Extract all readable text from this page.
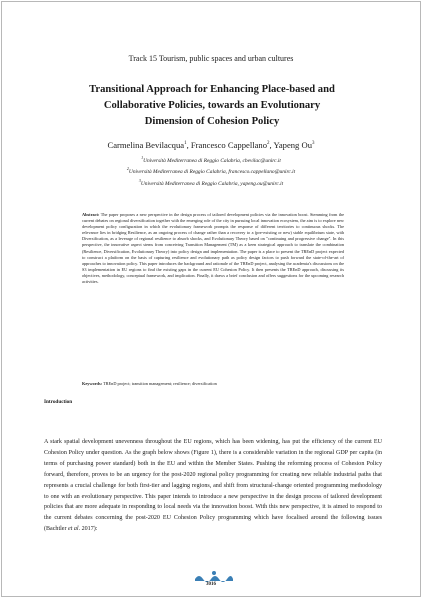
Track 15 Tourism, public spaces and urban cultures
Transitional Approach for Enhancing Place-based and
Collaborative Policies, towards an Evolutionary
Dimension of Cohesion Policy
Carmelina Bevilacqua$^1$, Francesco Cappellano$^2$, Yapeng Ou$^3$
$^1$Università Mediterranea di Reggio Calabria, cbevilac@unirc.it
$^2$Università Mediterranea di Reggio Calabria, francesco.cappellano@unirc.it
$^3$Università Mediterranea di Reggio Calabria, yapeng.ou@unirc.it
Abstract: The paper proposes a new perspective in the design process of tailored development policies via the innovation boost. Stemming from the current debates on regional diversification together with the emerging role of the city in pursuing local innovation ecosystem, the aim is to explore new development policy configuration in which the evolutionary framework prompts the response of different territories to continuous shocks. The relevance lies in bridging Resilience, as an ongoing process of change rather than a recovery to a (pre-existing or new) stable equilibrium state, with Diversification, as a leverage of regional resilience to absorb shocks, and Evolutionary Theory based on "continuing and progressive change". In this perspective, the innovative aspect stems from conceiving Transition Management (TM) as a keen strategical approach to translate the combination (Resilience, Diversification, Evolutionary Theory) into policy design and implementation. The paper is a place to present the TREnD project expected to construct a platform on the basis of capturing resilience and evolutionary path as policy design factors to push forward the state-of-the-art of approaches to innovation policy. This paper introduces the background and rationale of the TREnD project, analysing the academia's discussions on the S3 implementation in EU regions to find the existing gaps in the current EU Cohesion Policy. It then presents the TREnD approach, discussing its objectives, methodology, conceptual framework, and implication. Finally, it draws a brief conclusion and offers suggestions for the upcoming research activities.
Keywords: TREnD project; transition management; resilience; diversification
Introduction
A stark spatial development unevenness throughout the EU regions, which has been widening, has put the efficiency of the current EU Cohesion Policy under question. As the graph below shows (Figure 1), there is a considerable variation in the regional GDP per capita (in terms of purchasing power standard) both in the EU and within the Member States. Pushing the reforming process of Cohesion Policy forward, therefore, proves to be an urgency for the post-2020 regional policy programming for creating new reliable industrial paths that represents a crucial challenge for both first-tier and lagging regions, and shift from structural-change oriented programming methodology to one with an evolutionary perspective. This paper intends to introduce a new perspective in the design process of tailored development policies that are more adequate in responding to local needs via the innovation boost. With this new perspective, it is aimed to respond to the current debates concerning the post-2020 EU Cohesion Policy programming which have focalised around the following issues (Bachtler et al. 2017):
3016
